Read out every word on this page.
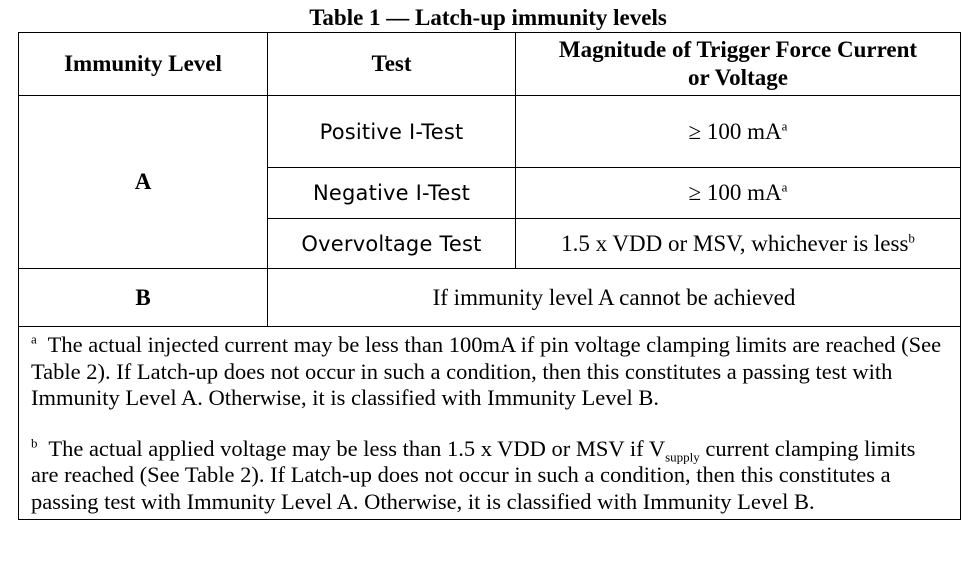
Table 1 — Latch-up immunity levels
Immunity Level	Test	Magnitude of Trigger Force Current
or Voltage
A	Positive I-Test	≥ 100 $mA^a$
	Negative I-Test	≥ 100 $mA^a$
	Overvoltage Test	1.5 x VDD or MSV, whichever is less$^b$
B	If immunity level A cannot be achieved	

$^a$ The actual injected current may be less than 100mA if pin voltage clamping limits are reached (See Table 2). If Latch-up does not occur in such a condition, then this constitutes a passing test with Immunity Level A. Otherwise, it is classified with Immunity Level B.
$^b$ The actual applied voltage may be less than 1.5 x VDD or MSV if $V_{supply}$ current clamping limits are reached (See Table 2). If Latch-up does not occur in such a condition, then this constitutes a passing test with Immunity Level A. Otherwise, it is classified with Immunity Level B.		
